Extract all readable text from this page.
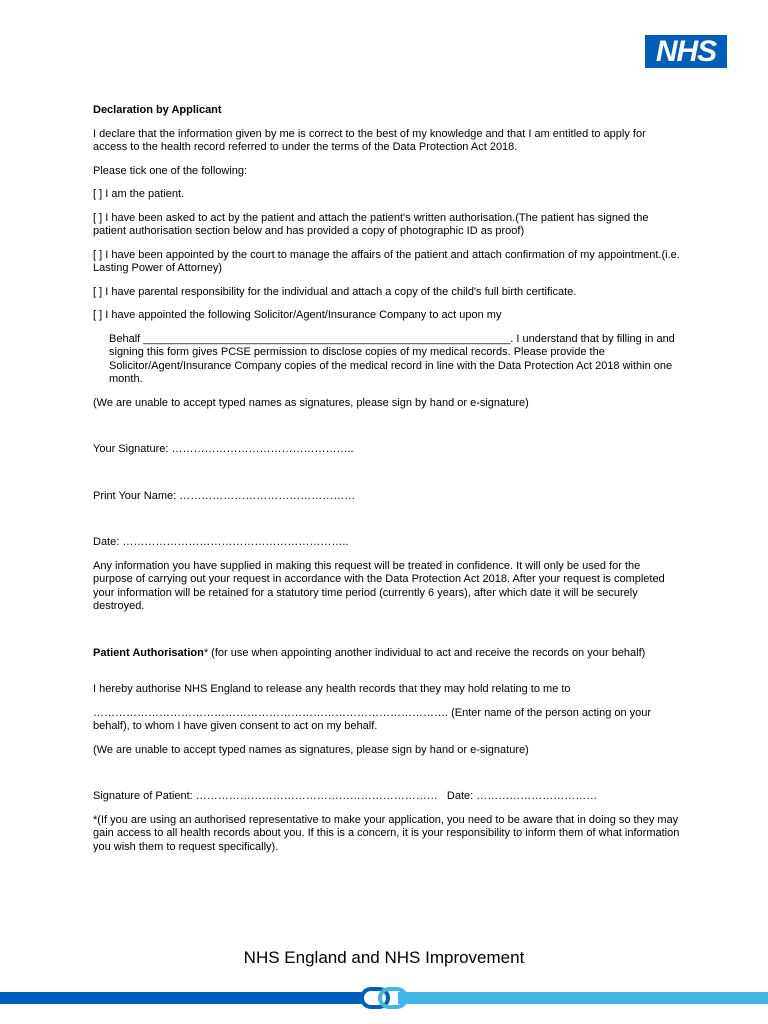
NHS

Declaration by Applicant

I declare that the information given by me is correct to the best of my knowledge and that I am entitled to apply for access to the health record referred to under the terms of the Data Protection Act 2018.

Please tick one of the following:

[ ] I am the patient.

[ ] I have been asked to act by the patient and attach the patient's written authorisation.(The patient has signed the patient authorisation section below and has provided a copy of photographic ID as proof)

[ ] I have been appointed by the court to manage the affairs of the patient and attach confirmation of my appointment.(i.e. Lasting Power of Attorney)

[ ] I have parental responsibility for the individual and attach a copy of the child's full birth certificate.

[ ] I have appointed the following Solicitor/Agent/Insurance Company to act upon my

Behalf ____________________________________________________________. I understand that by filling in and signing this form gives PCSE permission to disclose copies of my medical records. Please provide the Solicitor/Agent/Insurance Company copies of the medical record in line with the Data Protection Act 2018 within one month.

(We are unable to accept typed names as signatures, please sign by hand or e-signature)

Your Signature: …………………………………………..

Print Your Name: …………………………………………

Date: ……………………………………………………..

Any information you have supplied in making this request will be treated in confidence. It will only be used for the purpose of carrying out your request in accordance with the Data Protection Act 2018. After your request is completed your information will be retained for a statutory time period (currently 6 years), after which date it will be securely destroyed.

Patient Authorisation* (for use when appointing another individual to act and receive the records on your behalf)

I hereby authorise NHS England to release any health records that they may hold relating to me to

……………………………………………………………………………………. (Enter name of the person acting on your behalf), to whom I have given consent to act on my behalf.

(We are unable to accept typed names as signatures, please sign by hand or e-signature)

Signature of Patient: ………………………………………………………… Date: ……………………………

*(If you are using an authorised representative to make your application, you need to be aware that in doing so they may gain access to all health records about you. If this is a concern, it is your responsibility to inform them of what information you wish them to request specifically).

NHS England and NHS Improvement
